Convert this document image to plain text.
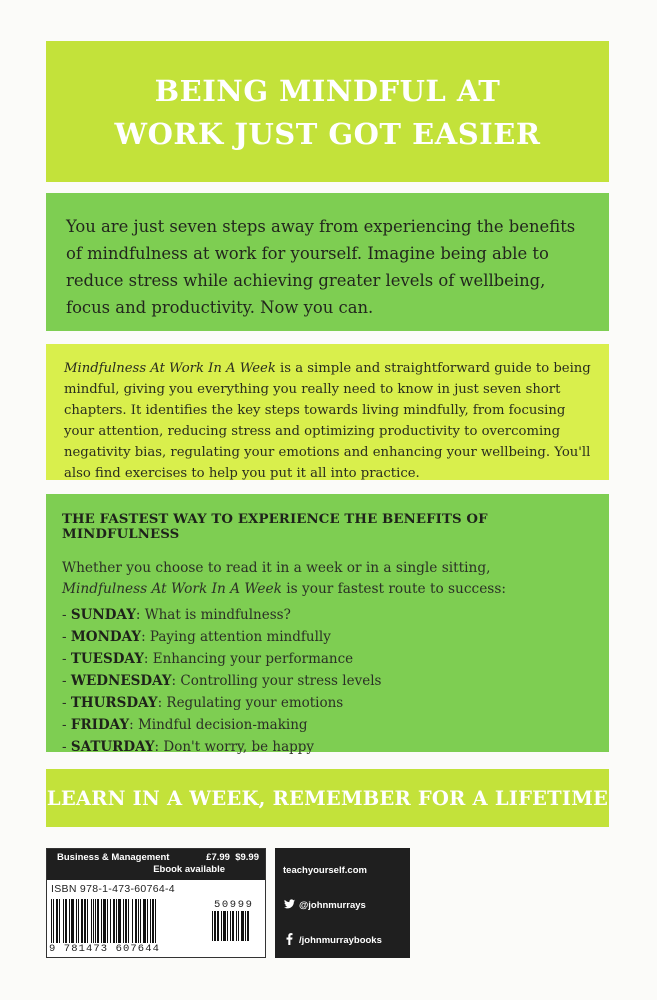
BEING MINDFUL AT
WORK JUST GOT EASIER

You are just seven steps away from experiencing the benefits of mindfulness at work for yourself. Imagine being able to reduce stress while achieving greater levels of wellbeing, focus and productivity. Now you can.

Mindfulness At Work In A Week is a simple and straightforward guide to being mindful, giving you everything you really need to know in just seven short chapters. It identifies the key steps towards living mindfully, from focusing your attention, reducing stress and optimizing productivity to overcoming negativity bias, regulating your emotions and enhancing your wellbeing. You'll also find exercises to help you put it all into practice.

THE FASTEST WAY TO EXPERIENCE THE BENEFITS OF MINDFULNESS

Whether you choose to read it in a week or in a single sitting,
Mindfulness At Work In A Week is your fastest route to success:

- SUNDAY: What is mindfulness?
- MONDAY: Paying attention mindfully
- TUESDAY: Enhancing your performance
- WEDNESDAY: Controlling your stress levels
- THURSDAY: Regulating your emotions
- FRIDAY: Mindful decision-making
- SATURDAY: Don't worry, be happy
LEARN IN A WEEK, REMEMBER FOR A LIFETIME
Business & Management	£7.99 $9.99
Ebook available
ISBN 978-1-473-60764-4
9 781473 607644
50999
teachyourself.com
@johnmurrays
/johnmurraybooks
